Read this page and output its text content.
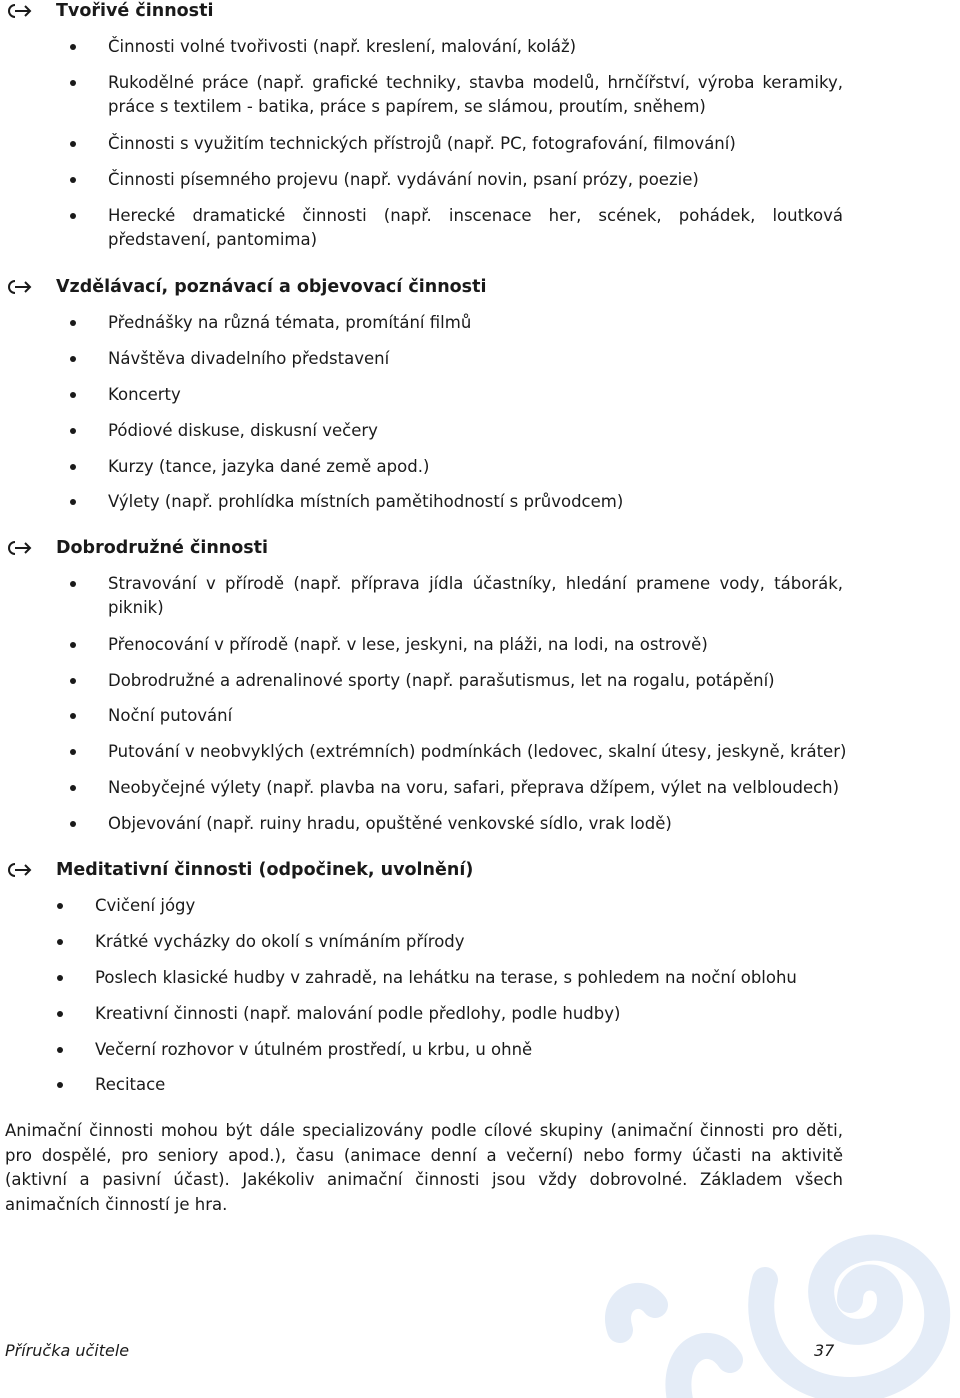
Tvořivé činnosti
Činnosti volné tvořivosti (např. kreslení, malování, koláž)
Rukodělné práce (např. grafické techniky, stavba modelů, hrnčířství, výroba keramiky, práce s textilem - batika, práce s papírem, se slámou, proutím, sněhem)
Činnosti s využitím technických přístrojů (např. PC, fotografování, filmování)
Činnosti písemného projevu (např. vydávání novin, psaní prózy, poezie)
Herecké dramatické činnosti (např. inscenace her, scének, pohádek, loutková představení, pantomima)
Vzdělávací, poznávací a objevovací činnosti
Přednášky na různá témata, promítání filmů
Návštěva divadelního představení
Koncerty
Pódiové diskuse, diskusní večery
Kurzy (tance, jazyka dané země apod.)
Výlety (např. prohlídka místních pamětihodností s průvodcem)
Dobrodružné činnosti
Stravování v přírodě (např. příprava jídla účastníky, hledání pramene vody, táborák, piknik)
Přenocování v přírodě (např. v lese, jeskyni, na pláži, na lodi, na ostrově)
Dobrodružné a adrenalinové sporty (např. parašutismus, let na rogalu, potápění)
Noční putování
Putování v neobvyklých (extrémních) podmínkách (ledovec, skalní útesy, jeskyně, kráter)
Neobyčejné výlety (např. plavba na voru, safari, přeprava džípem, výlet na velbloudech)
Objevování (např. ruiny hradu, opuštěné venkovské sídlo, vrak lodě)
Meditativní činnosti (odpočinek, uvolnění)
Cvičení jógy
Krátké vycházky do okolí s vnímáním přírody
Poslech klasické hudby v zahradě, na lehátku na terase, s pohledem na noční oblohu
Kreativní činnosti (např. malování podle předlohy, podle hudby)
Večerní rozhovor v útulném prostředí, u krbu, u ohně
Recitace
Animační činnosti mohou být dále specializovány podle cílové skupiny (animační činnosti pro děti, pro dospělé, pro seniory apod.), času (animace denní a večerní) nebo formy účasti na aktivitě (aktivní a pasivní účast). Jakékoliv animační činnosti jsou vždy dobrovolné. Základem všech animačních činností je hra.
Příručka učitele	37
